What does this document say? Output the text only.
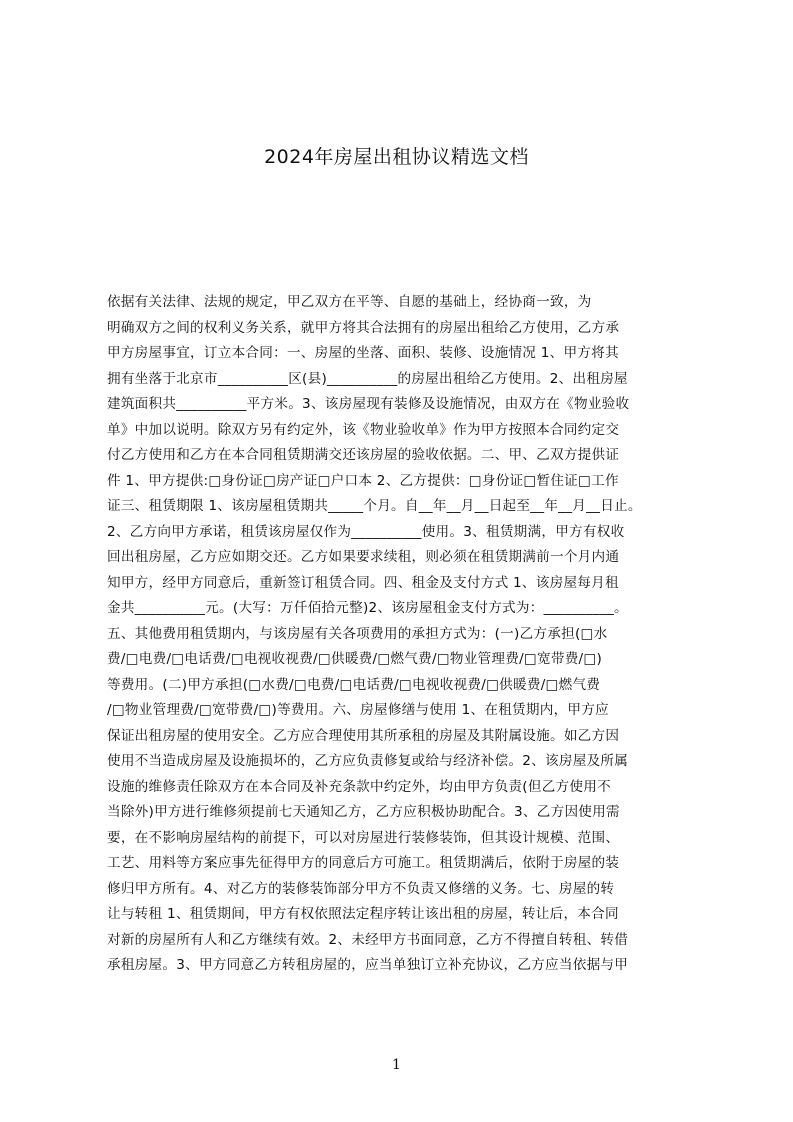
2024年房屋出租协议精选文档
依据有关法律、法规的规定，甲乙双方在平等、自愿的基础上，经协商一致，为
明确双方之间的权利义务关系，就甲方将其合法拥有的房屋出租给乙方使用，乙方承
甲方房屋事宜，订立本合同：一、房屋的坐落、面积、装修、设施情况 1、甲方将其
拥有坐落于北京市__________区(县)__________的房屋出租给乙方使用。2、出租房屋
建筑面积共__________平方米。3、该房屋现有装修及设施情况，由双方在《物业验收
单》中加以说明。除双方另有约定外，该《物业验收单》作为甲方按照本合同约定交
付乙方使用和乙方在本合同租赁期满交还该房屋的验收依据。二、甲、乙双方提供证
件 1、甲方提供:□身份证□房产证□户口本 2、乙方提供：□身份证□暂住证□工作
证三、租赁期限 1、该房屋租赁期共_____个月。自__年__月__日起至__年__月__日止。
2、乙方向甲方承诺，租赁该房屋仅作为__________使用。3、租赁期满，甲方有权收
回出租房屋，乙方应如期交还。乙方如果要求续租，则必须在租赁期满前一个月内通
知甲方，经甲方同意后，重新签订租赁合同。四、租金及支付方式 1、该房屋每月租
金共__________元。(大写：万仟佰拾元整)2、该房屋租金支付方式为：__________。
五、其他费用租赁期内，与该房屋有关各项费用的承担方式为：(一)乙方承担(□水
费/□电费/□电话费/□电视收视费/□供暖费/□燃气费/□物业管理费/□宽带费/□)
等费用。(二)甲方承担(□水费/□电费/□电话费/□电视收视费/□供暖费/□燃气费
/□物业管理费/□宽带费/□)等费用。六、房屋修缮与使用 1、在租赁期内，甲方应
保证出租房屋的使用安全。乙方应合理使用其所承租的房屋及其附属设施。如乙方因
使用不当造成房屋及设施损坏的，乙方应负责修复或给与经济补偿。2、该房屋及所属
设施的维修责任除双方在本合同及补充条款中约定外，均由甲方负责(但乙方使用不
当除外)甲方进行维修须提前七天通知乙方，乙方应积极协助配合。3、乙方因使用需
要，在不影响房屋结构的前提下，可以对房屋进行装修装饰，但其设计规模、范围、
工艺、用料等方案应事先征得甲方的同意后方可施工。租赁期满后，依附于房屋的装
修归甲方所有。4、对乙方的装修装饰部分甲方不负责又修缮的义务。七、房屋的转
让与转租 1、租赁期间，甲方有权依照法定程序转让该出租的房屋，转让后，本合同
对新的房屋所有人和乙方继续有效。2、未经甲方书面同意，乙方不得擅自转租、转借
承租房屋。3、甲方同意乙方转租房屋的，应当单独订立补充协议，乙方应当依据与甲
1
